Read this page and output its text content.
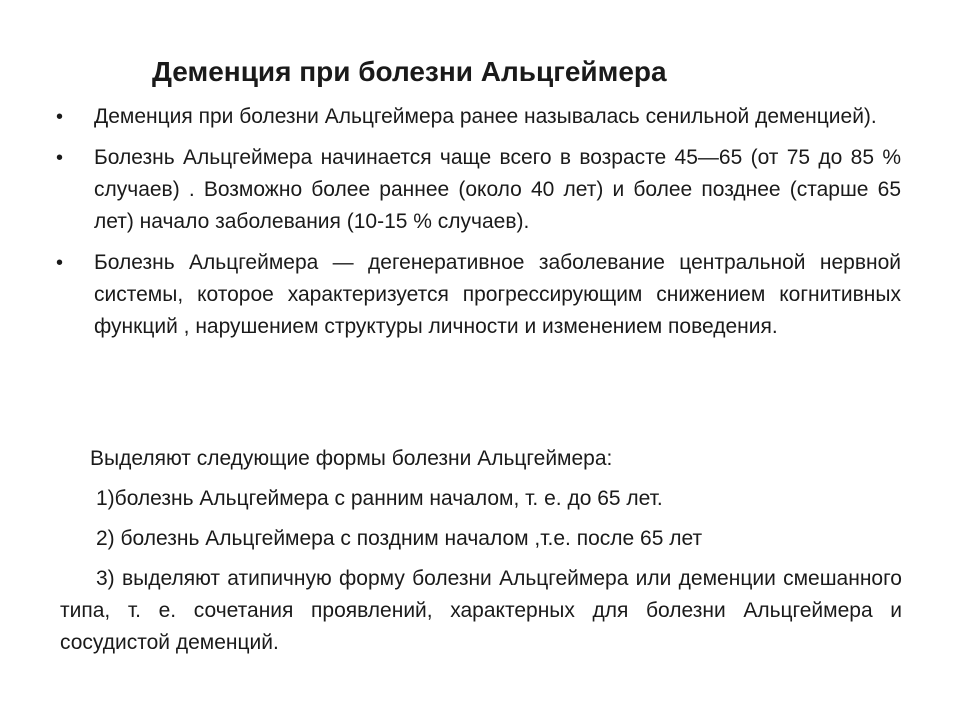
Деменция при болезни Альцгеймера
• Деменция при болезни Альцгеймера ранее называлась сенильной деменцией).
• Болезнь Альцгеймера начинается чаще всего в возрасте 45—65 (от 75 до 85 % случаев) . Возможно более раннее (около 40 лет) и более позднее (старше 65 лет) начало заболевания (10-15 % случаев).
• Болезнь Альцгеймера — дегенеративное заболевание центральной нервной системы, которое характеризуется прогрессирующим снижением когнитивных функций , нарушением структуры личности и изменением поведения.
Выделяют следующие формы болезни Альцгеймера:
1)болезнь Альцгеймера с ранним началом, т. е. до 65 лет.
2) болезнь Альцгеймера с поздним началом ,т.е. после 65 лет
3) выделяют атипичную форму болезни Альцгеймера или деменции смешанного типа, т. е. сочетания проявлений, характерных для болезни Альцгеймера и сосудистой деменций.
